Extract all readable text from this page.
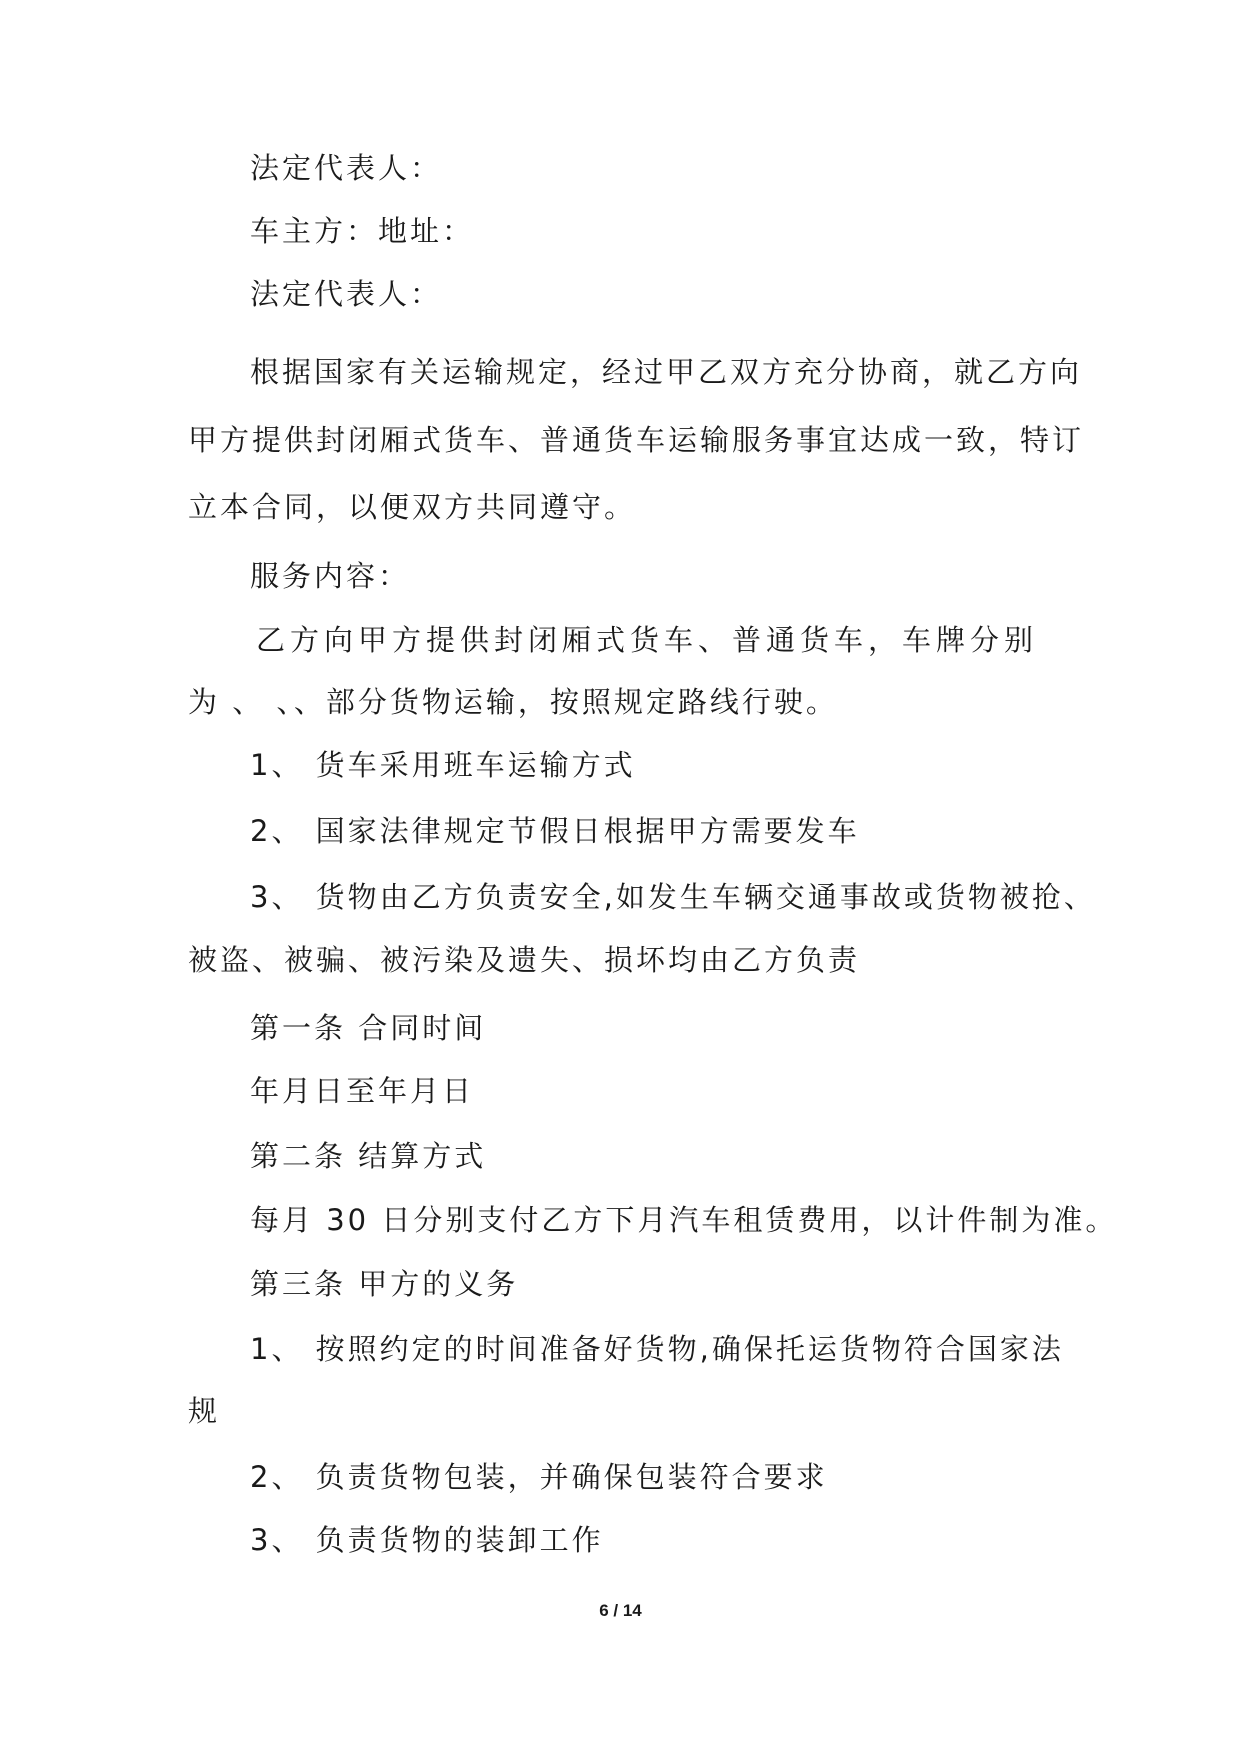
法定代表人：
车主方：地址：
法定代表人：
根据国家有关运输规定，经过甲乙双方充分协商，就乙方向
甲方提供封闭厢式货车、普通货车运输服务事宜达成一致，特订
立本合同，以便双方共同遵守。
服务内容：
乙方向甲方提供封闭厢式货车、普通货车，车牌分别
为 、 、、部分货物运输，按照规定路线行驶。
1、 货车采用班车运输方式
2、 国家法律规定节假日根据甲方需要发车
3、 货物由乙方负责安全,如发生车辆交通事故或货物被抢、
被盗、被骗、被污染及遗失、损坏均由乙方负责
第一条 合同时间
年月日至年月日
第二条 结算方式
每月 30 日分别支付乙方下月汽车租赁费用，以计件制为准。
第三条 甲方的义务
1、 按照约定的时间准备好货物,确保托运货物符合国家法
规
2、 负责货物包装，并确保包装符合要求
3、 负责货物的装卸工作
6 / 14
